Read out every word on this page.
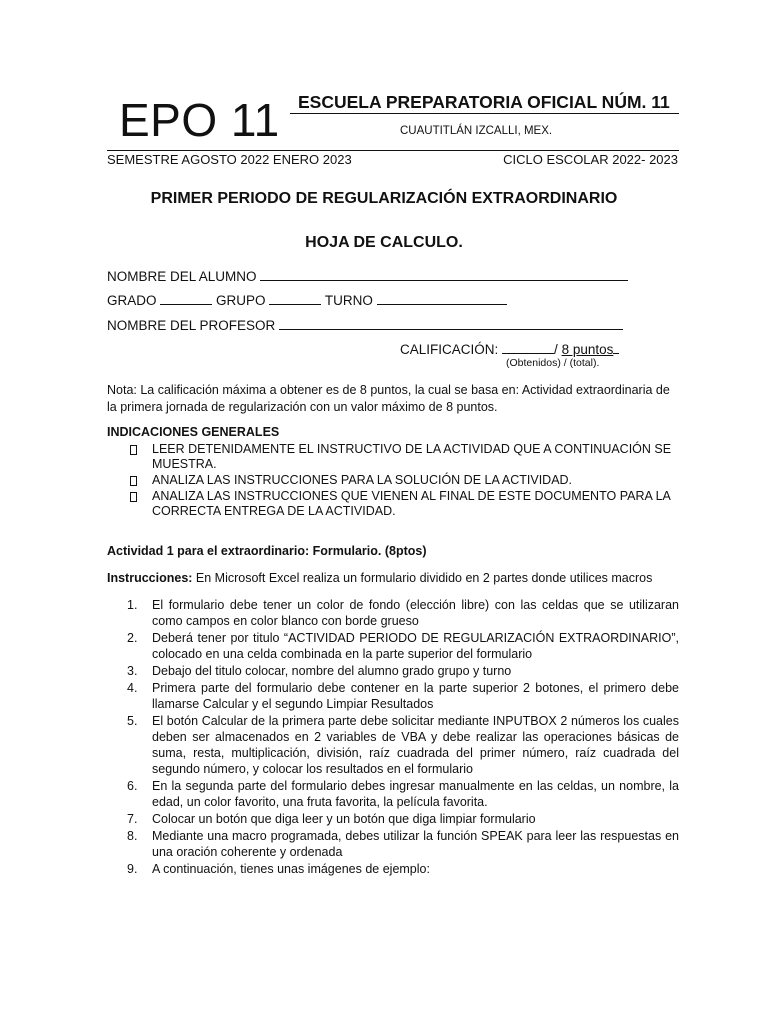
EPO 11 ESCUELA PREPARATORIA OFICIAL NÚM. 11
CUAUTITLÁN IZCALLI, MEX.
SEMESTRE AGOSTO 2022 ENERO 2023	CICLO ESCOLAR 2022- 2023
PRIMER PERIODO DE REGULARIZACIÓN EXTRAORDINARIO
HOJA DE CALCULO.
NOMBRE DEL ALUMNO
GRADO	GRUPO	TURNO
NOMBRE DEL PROFESOR
CALIFICACIÓN:	/ 8 puntos
(Obtenidos) / (total).
Nota: La calificación máxima a obtener es de 8 puntos, la cual se basa en: Actividad extraordinaria de la primera jornada de regularización con un valor máximo de 8 puntos.
INDICACIONES GENERALES
LEER DETENIDAMENTE EL INSTRUCTIVO DE LA ACTIVIDAD QUE A CONTINUACIÓN SE MUESTRA.
ANALIZA LAS INSTRUCCIONES PARA LA SOLUCIÓN DE LA ACTIVIDAD.
ANALIZA LAS INSTRUCCIONES QUE VIENEN AL FINAL DE ESTE DOCUMENTO PARA LA CORRECTA ENTREGA DE LA ACTIVIDAD.
Actividad 1 para el extraordinario: Formulario. (8ptos)
Instrucciones: En Microsoft Excel realiza un formulario dividido en 2 partes donde utilices macros
1. El formulario debe tener un color de fondo (elección libre) con las celdas que se utilizaran como campos en color blanco con borde grueso
2. Deberá tener por titulo “ACTIVIDAD PERIODO DE REGULARIZACIÓN EXTRAORDINARIO”, colocado en una celda combinada en la parte superior del formulario
3. Debajo del titulo colocar, nombre del alumno grado grupo y turno
4. Primera parte del formulario debe contener en la parte superior 2 botones, el primero debe llamarse Calcular y el segundo Limpiar Resultados
5. El botón Calcular de la primera parte debe solicitar mediante INPUTBOX 2 números los cuales deben ser almacenados en 2 variables de VBA y debe realizar las operaciones básicas de suma, resta, multiplicación, división, raíz cuadrada del primer número, raíz cuadrada del segundo número, y colocar los resultados en el formulario
6. En la segunda parte del formulario debes ingresar manualmente en las celdas, un nombre, la edad, un color favorito, una fruta favorita, la película favorita.
7. Colocar un botón que diga leer y un botón que diga limpiar formulario
8. Mediante una macro programada, debes utilizar la función SPEAK para leer las respuestas en una oración coherente y ordenada
9. A continuación, tienes unas imágenes de ejemplo:
